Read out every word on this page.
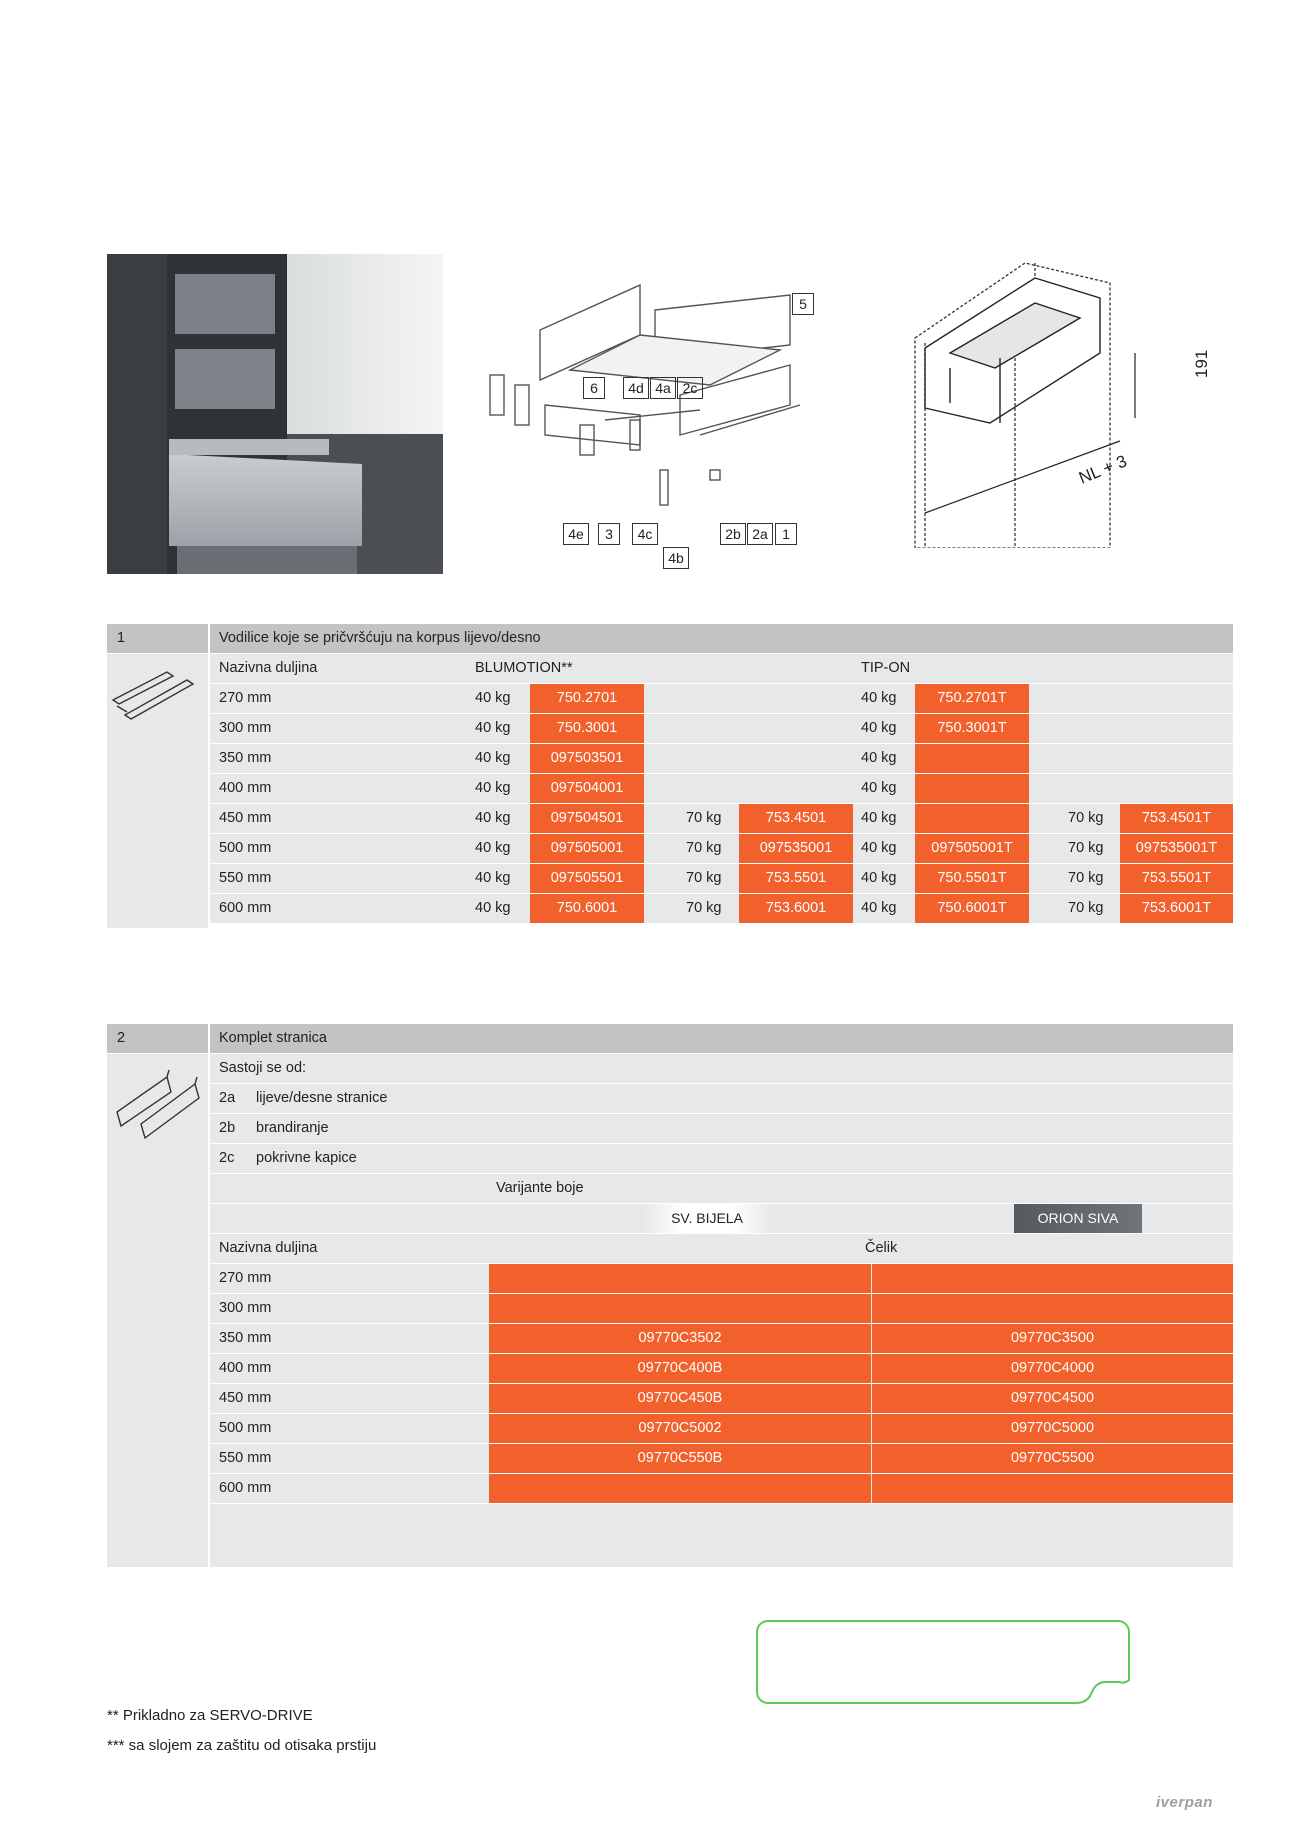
5
6	4d 4a 2c
4e	3	4c
4b
2b 2a	1
191
NL + 3
1	Vodilice koje se pričvršćuju na korpus lijevo/desno
Nazivna duljina	BLUMOTION**	TIP-ON
270 mm	40 kg	750.2701	40 kg	750.2701T
300 mm	40 kg	750.3001	40 kg	750.3001T
350 mm	40 kg	097503501	40 kg
400 mm	40 kg	097504001	40 kg
450 mm	40 kg	097504501	70 kg	753.4501	40 kg	70 kg	753.4501T
500 mm	40 kg	097505001	70 kg	097535001	40 kg	097505001T	70 kg	097535001T
550 mm	40 kg	097505501	70 kg	753.5501	40 kg	750.5501T	70 kg	753.5501T
600 mm	40 kg	750.6001	70 kg	753.6001	40 kg	750.6001T	70 kg	753.6001T
2	Komplet stranica
Sastoji se od:
2a lijeve/desne stranice
2b brandiranje
2c pokrivne kapice
Varijante boje
SV. BIJELA	ORION SIVA
Nazivna duljina	Čelik
270 mm
300 mm
350 mm	09770C3502	09770C3500
400 mm	09770C400B	09770C4000
450 mm	09770C450B	09770C4500
500 mm	09770C5002	09770C5000
550 mm	09770C550B	09770C5500
600 mm
** Prikladno za SERVO-DRIVE
*** sa slojem za zaštitu od otisaka prstiju
iverpan
